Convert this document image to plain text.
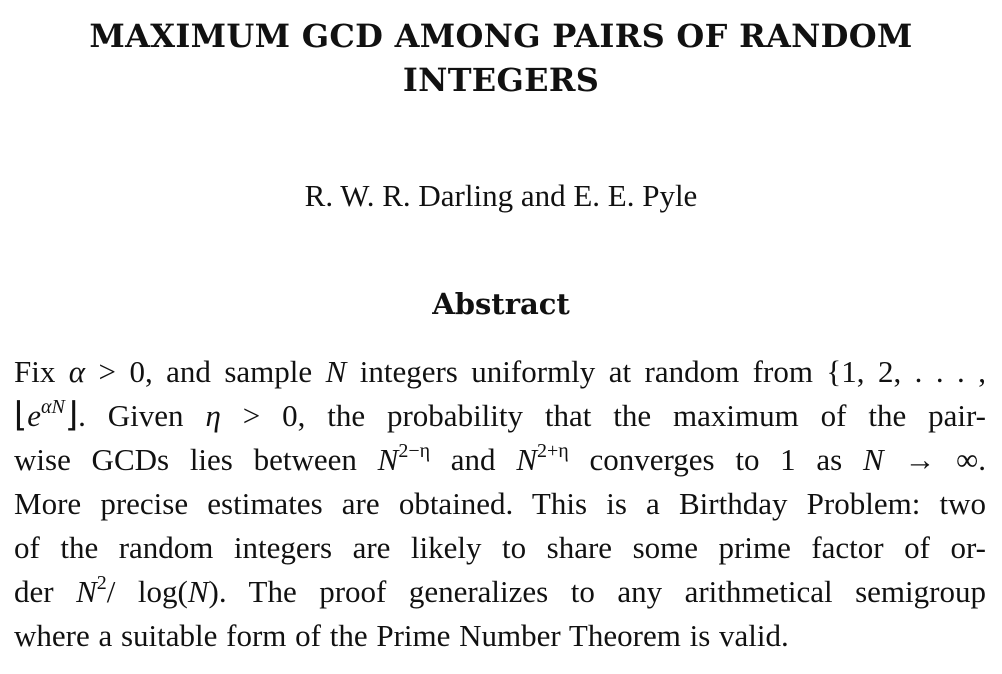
MAXIMUM GCD AMONG PAIRS OF RANDOM
INTEGERS

R. W. R. Darling and E. E. Pyle

Abstract
Fix α > 0, and sample N integers uniformly at random from {1, 2, . . . ,
$⌊e^{\alpha N}⌋$. Given η > 0, the probability that the maximum of the pair-
wise GCDs lies between $N^{2-\eta}$ and $N^{2+\eta}$ converges to 1 as N → ∞.
More precise estimates are obtained. This is a Birthday Problem: two
of the random integers are likely to share some prime factor of or-
der $N^2/$ log(N). The proof generalizes to any arithmetical semigroup
where a suitable form of the Prime Number Theorem is valid.
